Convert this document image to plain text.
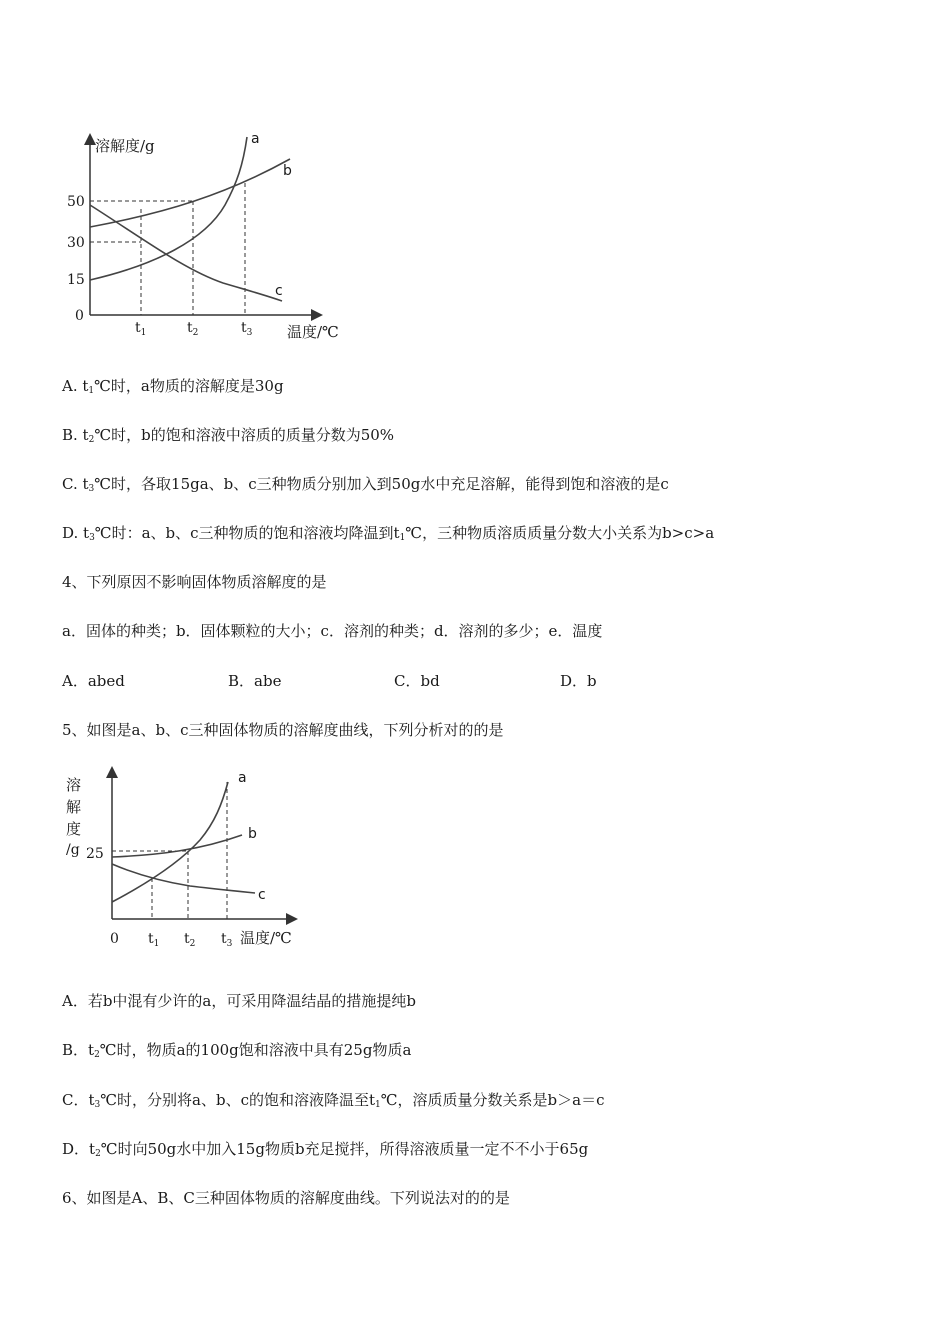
溶解度/g
温度/℃
50
30
15
0
$t_1$	$t_2$	$t_3$
a
b
c
A. $t_1℃$时，a物质的溶解度是30g
B. $t_2℃$时，b的饱和溶液中溶质的质量分数为50%
C. $t_3℃$时，各取15ga、b、c三种物质分别加入到50g水中充足溶解，能得到饱和溶液的是c
D. $t_3℃$时：a、b、c三种物质的饱和溶液均降温到$t_1℃$，三种物质溶质质量分数大小关系为b>c>a
4、下列原因不影响固体物质溶解度的是
a．固体的种类；b．固体颗粒的大小；c．溶剂的种类；d．溶剂的多少；e．温度
A．abed	B．abe	C．bd	D．b
5、如图是a、b、c三种固体物质的溶解度曲线，下列分析对的的是
溶
解
度
/g 25
0 $t_1$ $t_2$ $t_3$ 温度/℃
a
b
c
A．若b中混有少许的a，可采用降温结晶的措施提纯b
B．$t_2℃$时，物质a的100g饱和溶液中具有25g物质a
C．$t_3℃$时，分别将a、b、c的饱和溶液降温至$t_1℃$，溶质质量分数关系是b＞a＝c
D．$t_2℃$时向50g水中加入15g物质b充足搅拌，所得溶液质量一定不不小于65g
6、如图是A、B、C三种固体物质的溶解度曲线。下列说法对的的是
